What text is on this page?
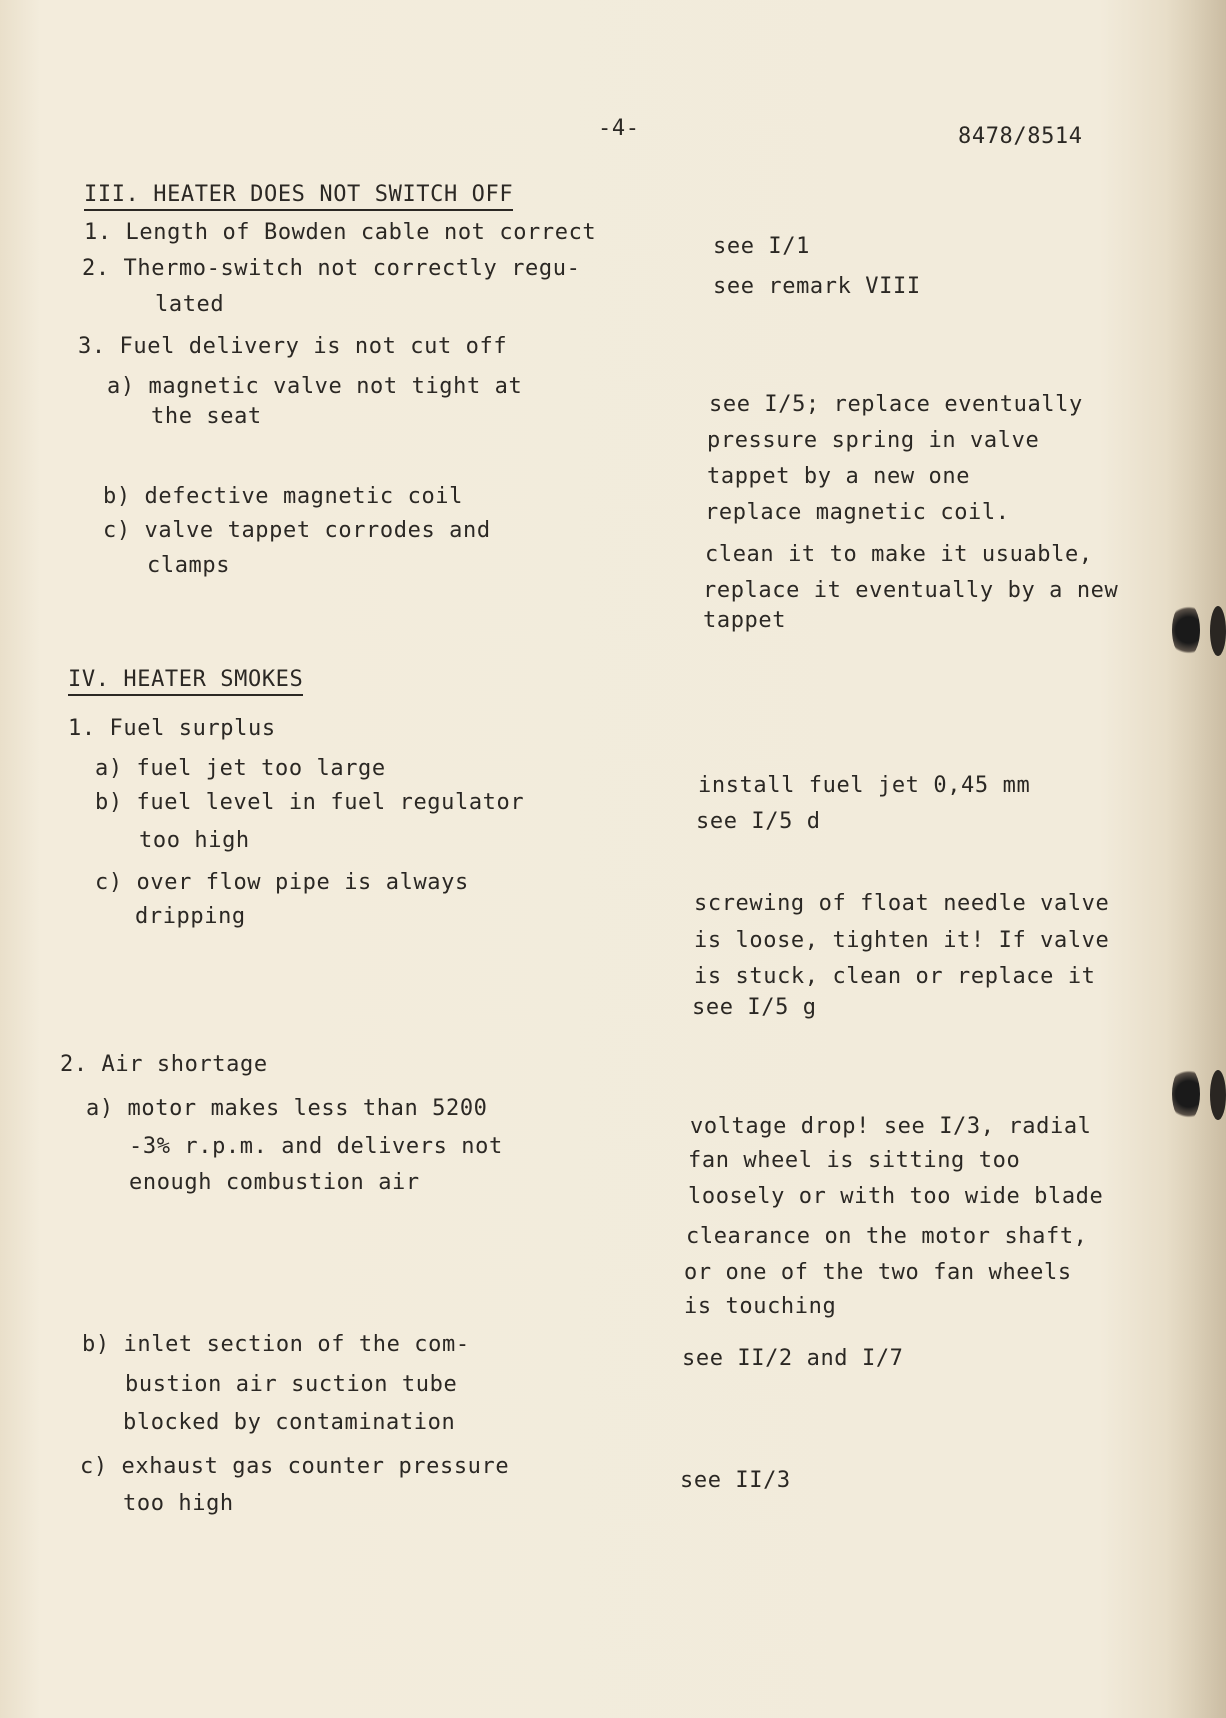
-4-	8478/8514
III. HEATER DOES NOT SWITCH OFF
1. Length of Bowden cable not correct
2. Thermo-switch not correctly regu-
lated
3. Fuel delivery is not cut off
a) magnetic valve not tight at
the seat
b) defective magnetic coil
c) valve tappet corrodes and
clamps
see I/1
see remark VIII
see I/5; replace eventually
pressure spring in valve
tappet by a new one
replace magnetic coil.
clean it to make it usuable,
replace it eventually by a new
tappet
IV. HEATER SMOKES
1. Fuel surplus
a) fuel jet too large
b) fuel level in fuel regulator
too high
c) over flow pipe is always
dripping
2. Air shortage
a) motor makes less than 5200
-3% r.p.m. and delivers not
enough combustion air
b) inlet section of the com-
bustion air suction tube
blocked by contamination
c) exhaust gas counter pressure
too high
install fuel jet 0,45 mm
see I/5 d
screwing of float needle valve
is loose, tighten it! If valve
is stuck, clean or replace it
see I/5 g
voltage drop! see I/3, radial
fan wheel is sitting too
loosely or with too wide blade
clearance on the motor shaft,
or one of the two fan wheels
is touching
see II/2 and I/7
see II/3
